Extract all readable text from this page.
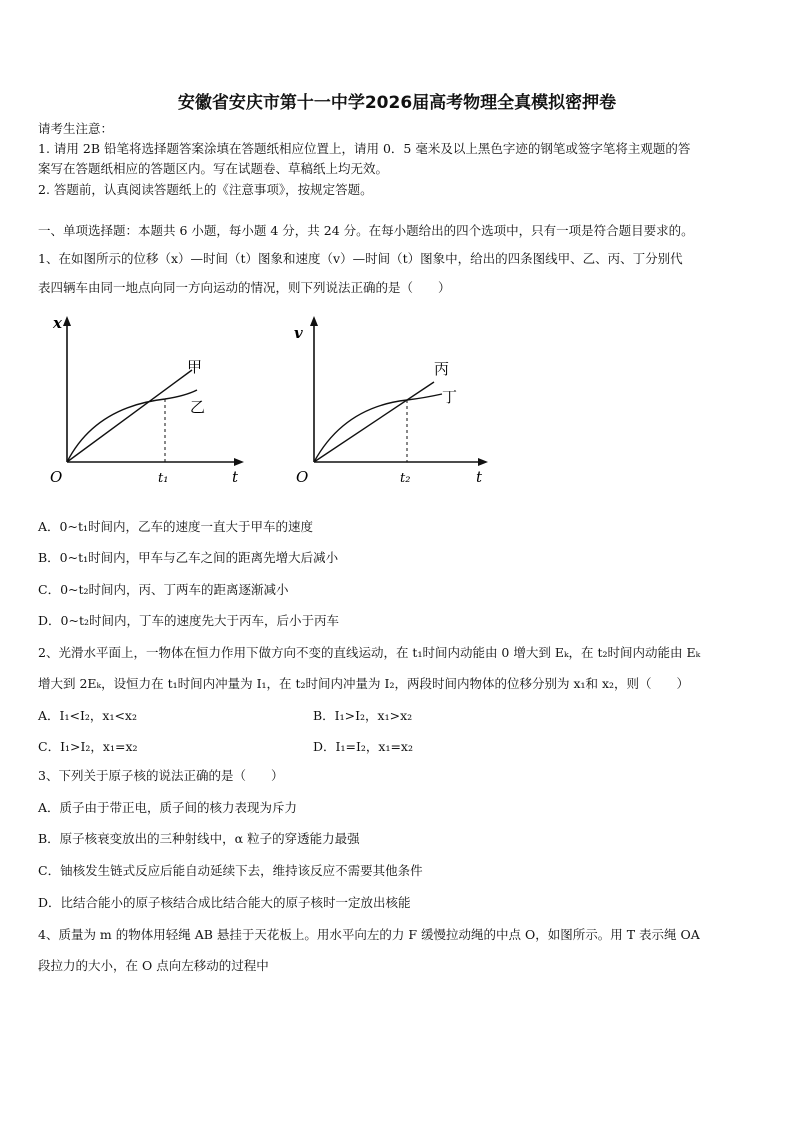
安徽省安庆市第十一中学2026届高考物理全真模拟密押卷
请考生注意：
1. 请用 2B 铅笔将选择题答案涂填在答题纸相应位置上，请用 0．5 毫米及以上黑色字迹的钢笔或签字笔将主观题的答
案写在答题纸相应的答题区内。写在试题卷、草稿纸上均无效。
2. 答题前，认真阅读答题纸上的《注意事项》，按规定答题。
一、单项选择题：本题共 6 小题，每小题 4 分，共 24 分。在每小题给出的四个选项中，只有一项是符合题目要求的。
1、在如图所示的位移（x）—时间（t）图象和速度（v）—时间（t）图象中，给出的四条图线甲、乙、丙、丁分别代
表四辆车由同一地点向同一方向运动的情况，则下列说法正确的是（　　）
x
O	t₁	t
甲
乙
v
O	t₂	t
丙
丁
A．0~t₁时间内，乙车的速度一直大于甲车的速度
B．0~t₁时间内，甲车与乙车之间的距离先增大后减小
C．0~t₂时间内，丙、丁两车的距离逐渐减小
D．0~t₂时间内，丁车的速度先大于丙车，后小于丙车
2、光滑水平面上，一物体在恒力作用下做方向不变的直线运动，在 t₁时间内动能由 0 增大到 Eₖ，在 t₂时间内动能由 Eₖ
增大到 2Eₖ，设恒力在 t₁时间内冲量为 I₁，在 t₂时间内冲量为 I₂，两段时间内物体的位移分别为 x₁和 x₂，则（　　）
A．I₁<I₂，x₁<x₂	B．I₁>I₂，x₁>x₂
C．I₁>I₂，x₁=x₂	D．I₁=I₂，x₁=x₂
3、下列关于原子核的说法正确的是（　　）
A．质子由于带正电，质子间的核力表现为斥力
B．原子核衰变放出的三种射线中，α 粒子的穿透能力最强
C．铀核发生链式反应后能自动延续下去，维持该反应不需要其他条件
D．比结合能小的原子核结合成比结合能大的原子核时一定放出核能
4、质量为 m 的物体用轻绳 AB 悬挂于天花板上。用水平向左的力 F 缓慢拉动绳的中点 O，如图所示。用 T 表示绳 OA
段拉力的大小，在 O 点向左移动的过程中
